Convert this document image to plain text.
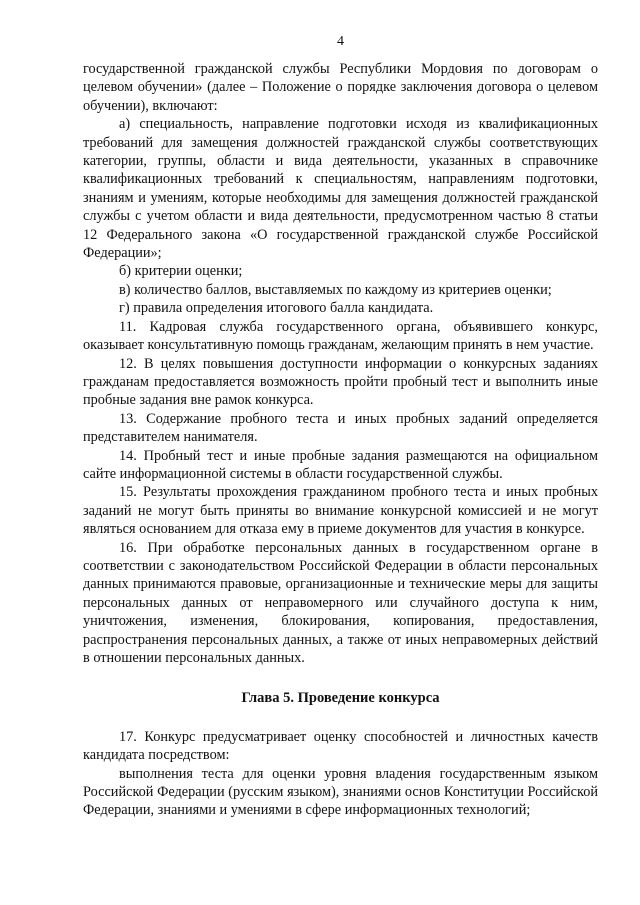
4

государственной гражданской службы Республики Мордовия по договорам о целевом обучении» (далее – Положение о порядке заключения договора о целевом обучении), включают:

а) специальность, направление подготовки исходя из квалификационных требований для замещения должностей гражданской службы соответствующих категории, группы, области и вида деятельности, указанных в справочнике квалификационных требований к специальностям, направлениям подготовки, знаниям и умениям, которые необходимы для замещения должностей гражданской службы с учетом области и вида деятельности, предусмотренном частью 8 статьи 12 Федерального закона «О государственной гражданской службе Российской Федерации»;

б) критерии оценки;

в) количество баллов, выставляемых по каждому из критериев оценки;

г) правила определения итогового балла кандидата.

11. Кадровая служба государственного органа, объявившего конкурс, оказывает консультативную помощь гражданам, желающим принять в нем участие.

12. В целях повышения доступности информации о конкурсных заданиях гражданам предоставляется возможность пройти пробный тест и выполнить иные пробные задания вне рамок конкурса.

13. Содержание пробного теста и иных пробных заданий определяется представителем нанимателя.

14. Пробный тест и иные пробные задания размещаются на официальном сайте информационной системы в области государственной службы.

15. Результаты прохождения гражданином пробного теста и иных пробных заданий не могут быть приняты во внимание конкурсной комиссией и не могут являться основанием для отказа ему в приеме документов для участия в конкурсе.

16. При обработке персональных данных в государственном органе в соответствии с законодательством Российской Федерации в области персональных данных принимаются правовые, организационные и технические меры для защиты персональных данных от неправомерного или случайного доступа к ним, уничтожения, изменения, блокирования, копирования, предоставления, распространения персональных данных, а также от иных неправомерных действий в отношении персональных данных.

Глава 5. Проведение конкурса

17. Конкурс предусматривает оценку способностей и личностных качеств кандидата посредством:

выполнения теста для оценки уровня владения государственным языком Российской Федерации (русским языком), знаниями основ Конституции Российской Федерации, знаниями и умениями в сфере информационных технологий;
